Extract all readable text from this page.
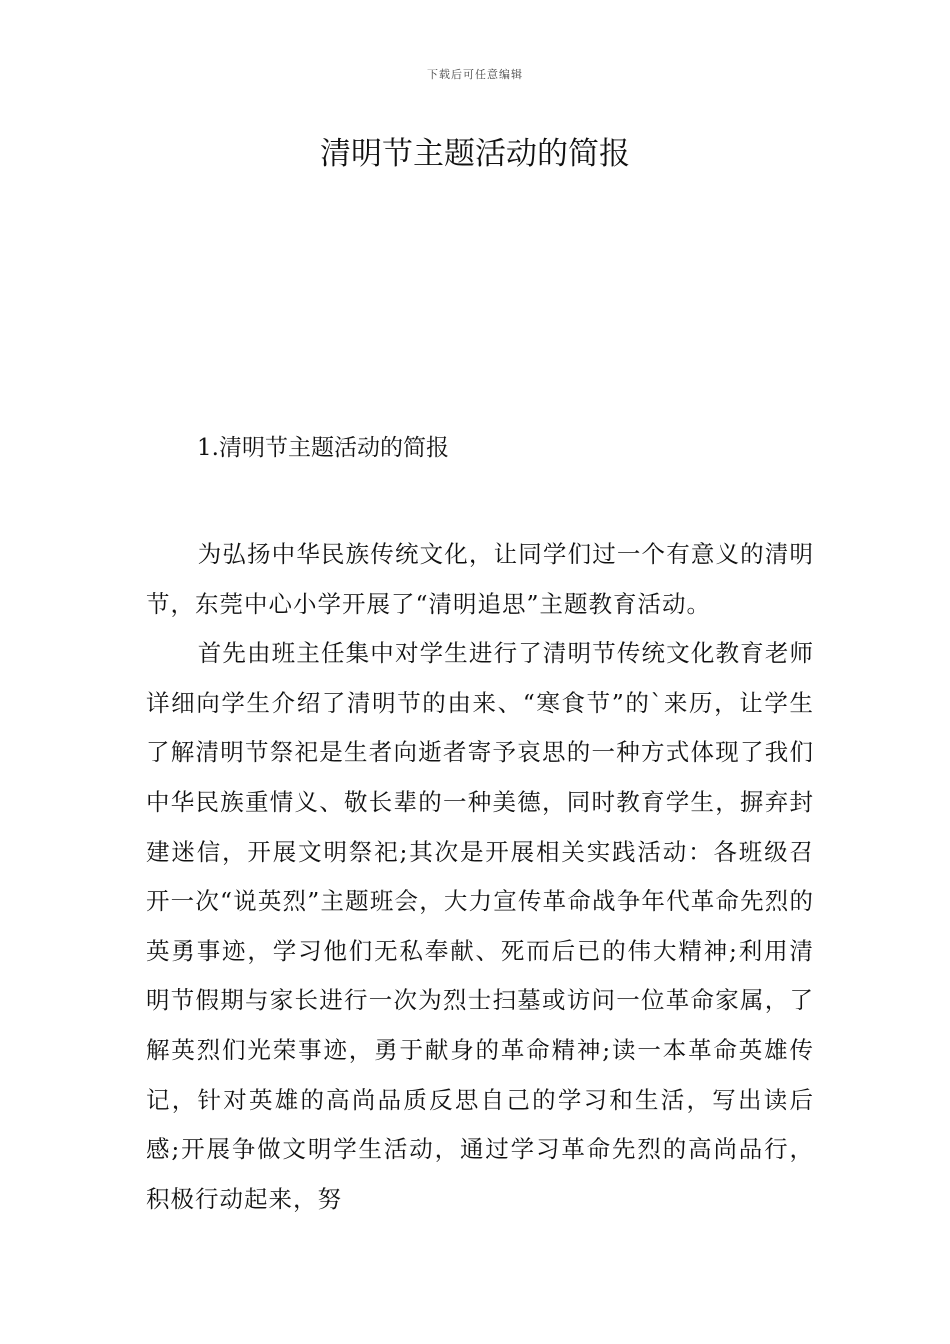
下载后可任意编辑
清明节主题活动的简报
1.清明节主题活动的简报

为弘扬中华民族传统文化，让同学们过一个有意义的清明节，东莞中心小学开展了“清明追思”主题教育活动。

首先由班主任集中对学生进行了清明节传统文化教育老师详细向学生介绍了清明节的由来、“寒食节”的`来历，让学生了解清明节祭祀是生者向逝者寄予哀思的一种方式体现了我们中华民族重情义、敬长辈的一种美德，同时教育学生，摒弃封建迷信，开展文明祭祀;其次是开展相关实践活动：各班级召开一次“说英烈”主题班会，大力宣传革命战争年代革命先烈的英勇事迹，学习他们无私奉献、死而后已的伟大精神;利用清明节假期与家长进行一次为烈士扫墓或访问一位革命家属，了解英烈们光荣事迹，勇于献身的革命精神;读一本革命英雄传记，针对英雄的高尚品质反思自己的学习和生活，写出读后感;开展争做文明学生活动，通过学习革命先烈的高尚品行，积极行动起来，努
